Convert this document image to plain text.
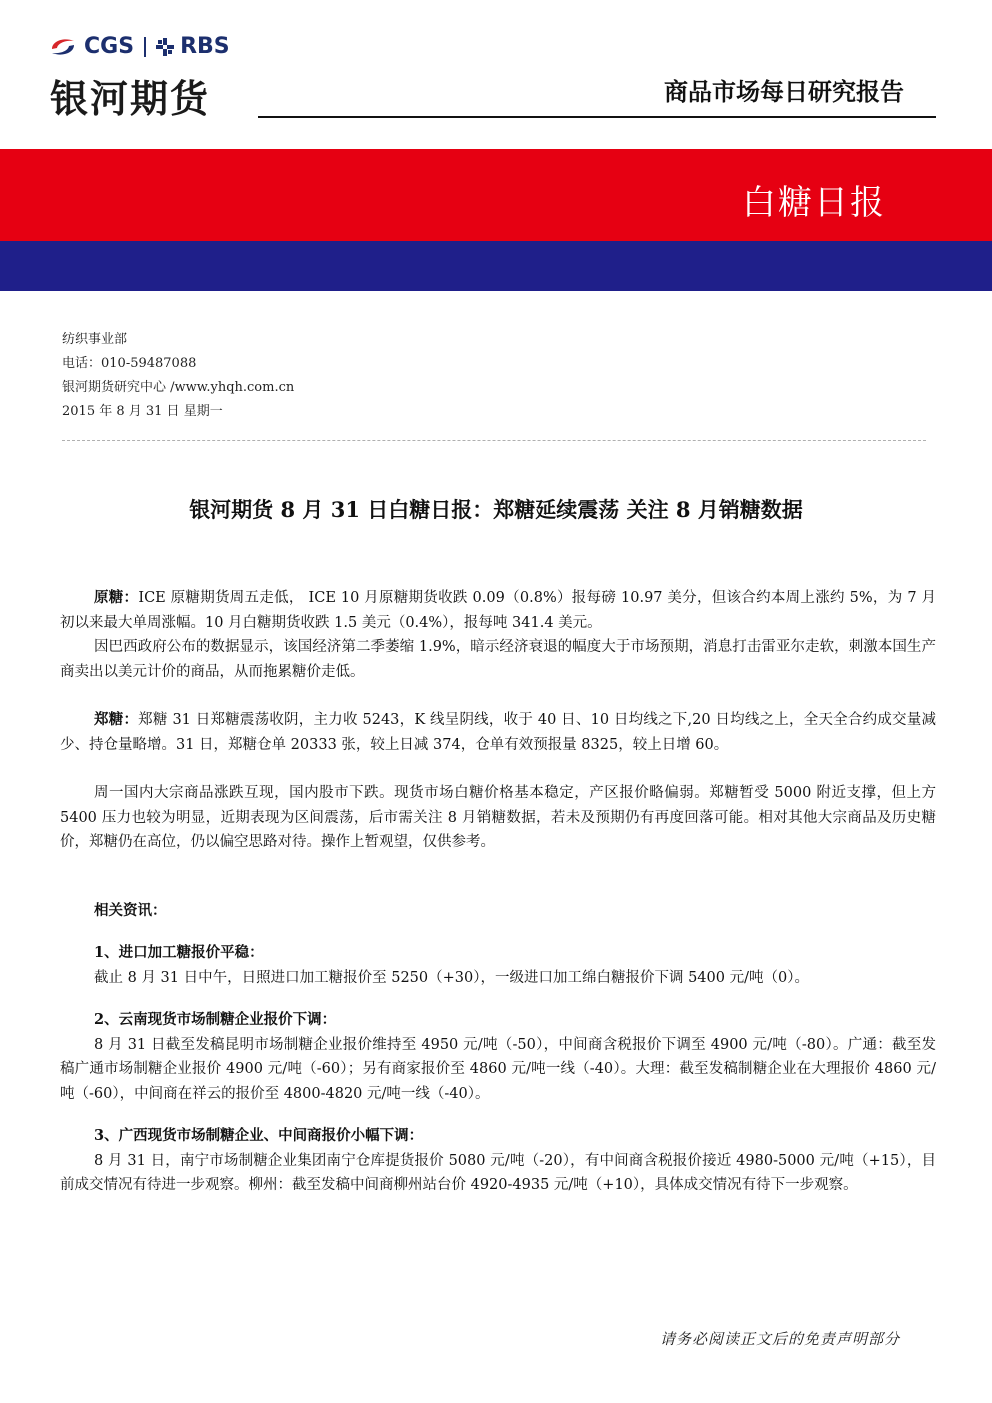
CGS RBS
银河期货	商品市场每日研究报告
白糖日报
纺织事业部
电话：010-59487088
银河期货研究中心 /www.yhqh.com.cn
2015 年 8 月 31 日 星期一
银河期货 8 月 31 日白糖日报：郑糖延续震荡 关注 8 月销糖数据

原糖：ICE 原糖期货周五走低， ICE 10 月原糖期货收跌 0.09（0.8%）报每磅 10.97 美分，但该合约本周上涨约 5%，为 7 月初以来最大单周涨幅。10 月白糖期货收跌 1.5 美元（0.4%），报每吨 341.4 美元。

因巴西政府公布的数据显示，该国经济第二季萎缩 1.9%，暗示经济衰退的幅度大于市场预期，消息打击雷亚尔走软，刺激本国生产商卖出以美元计价的商品，从而拖累糖价走低。

郑糖：郑糖 31 日郑糖震荡收阴，主力收 5243，K 线呈阴线，收于 40 日、10 日均线之下,20 日均线之上，全天全合约成交量减少、持仓量略增。31 日，郑糖仓单 20333 张，较上日减 374，仓单有效预报量 8325，较上日增 60。

周一国内大宗商品涨跌互现，国内股市下跌。现货市场白糖价格基本稳定，产区报价略偏弱。郑糖暂受 5000 附近支撑，但上方 5400 压力也较为明显，近期表现为区间震荡，后市需关注 8 月销糖数据，若未及预期仍有再度回落可能。相对其他大宗商品及历史糖价，郑糖仍在高位，仍以偏空思路对待。操作上暂观望，仅供参考。

相关资讯：

1、进口加工糖报价平稳：

截止 8 月 31 日中午，日照进口加工糖报价至 5250（+30），一级进口加工绵白糖报价下调 5400 元/吨（0）。

2、云南现货市场制糖企业报价下调：

8 月 31 日截至发稿昆明市场制糖企业报价维持至 4950 元/吨（-50），中间商含税报价下调至 4900 元/吨（-80）。广通：截至发稿广通市场制糖企业报价 4900 元/吨（-60）；另有商家报价至 4860 元/吨一线（-40）。大理：截至发稿制糖企业在大理报价 4860 元/吨（-60），中间商在祥云的报价至 4800-4820 元/吨一线（-40）。

3、广西现货市场制糖企业、中间商报价小幅下调：

8 月 31 日，南宁市场制糖企业集团南宁仓库提货报价 5080 元/吨（-20），有中间商含税报价接近 4980-5000 元/吨（+15），目前成交情况有待进一步观察。柳州：截至发稿中间商柳州站台价 4920-4935 元/吨（+10），具体成交情况有待下一步观察。

请务必阅读正文后的免责声明部分
